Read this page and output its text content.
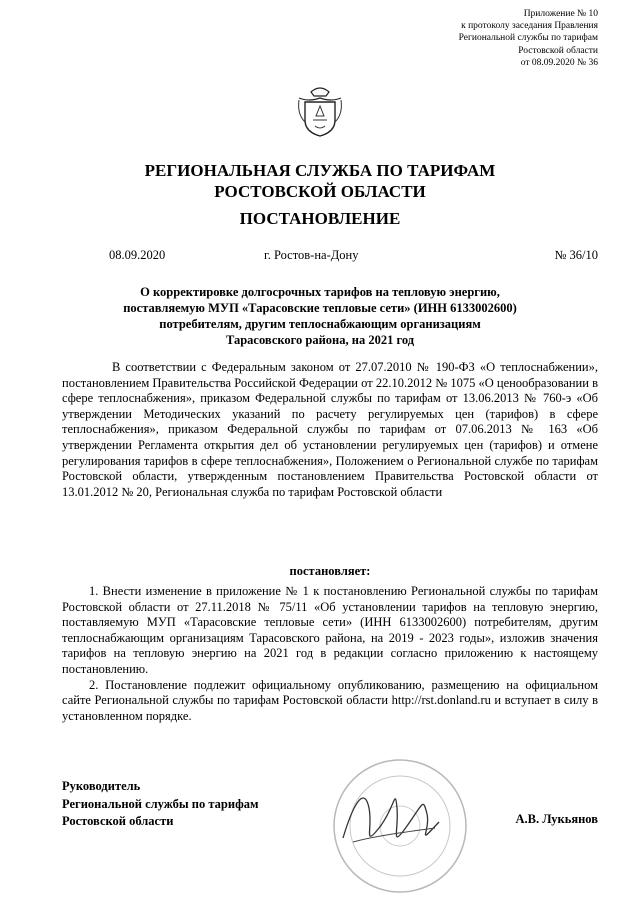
Приложение № 10
к протоколу заседания Правления
Региональной службы по тарифам
Ростовской области
от 08.09.2020 № 36
РЕГИОНАЛЬНАЯ СЛУЖБА ПО ТАРИФАМ
РОСТОВСКОЙ ОБЛАСТИ
ПОСТАНОВЛЕНИЕ
08.09.2020	г. Ростов-на-Дону	№ 36/10
О корректировке долгосрочных тарифов на тепловую энергию,
поставляемую МУП «Тарасовские тепловые сети» (ИНН 6133002600)
потребителям, другим теплоснабжающим организациям
Тарасовского района, на 2021 год

В соответствии с Федеральным законом от 27.07.2010 № 190-ФЗ «О теплоснабжении», постановлением Правительства Российской Федерации от 22.10.2012 № 1075 «О ценообразовании в сфере теплоснабжения», приказом Федеральной службы по тарифам от 13.06.2013 № 760-э «Об утверждении Методических указаний по расчету регулируемых цен (тарифов) в сфере теплоснабжения», приказом Федеральной службы по тарифам от 07.06.2013 № 163 «Об утверждении Регламента открытия дел об установлении регулируемых цен (тарифов) и отмене регулирования тарифов в сфере теплоснабжения», Положением о Региональной службе по тарифам Ростовской области, утвержденным постановлением Правительства Ростовской области от 13.01.2012 № 20, Региональная служба по тарифам Ростовской области

постановляет:

1. Внести изменение в приложение № 1 к постановлению Региональной службы по тарифам Ростовской области от 27.11.2018 № 75/11 «Об установлении тарифов на тепловую энергию, поставляемую МУП «Тарасовские тепловые сети» (ИНН 6133002600) потребителям, другим теплоснабжающим организациям Тарасовского района, на 2019 - 2023 годы», изложив значения тарифов на тепловую энергию на 2021 год в редакции согласно приложению к настоящему постановлению.

2. Постановление подлежит официальному опубликованию, размещению на официальном сайте Региональной службы по тарифам Ростовской области http://rst.donland.ru и вступает в силу в установленном порядке.

Руководитель
Региональной службы по тарифам
Ростовской области	А.В. Лукьянов
